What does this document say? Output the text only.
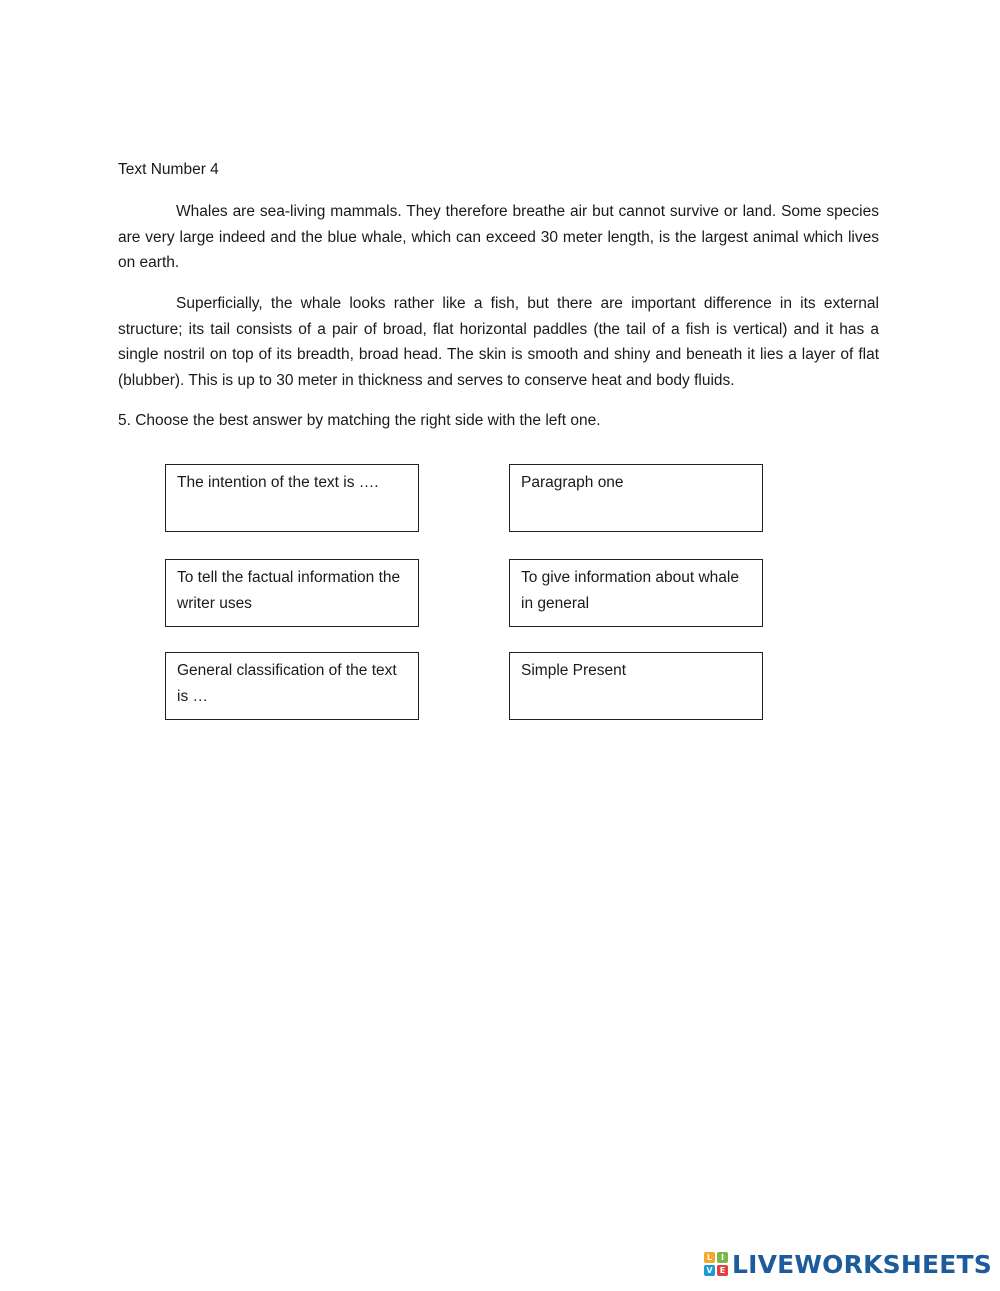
Text Number 4
Whales are sea-living mammals. They therefore breathe air but cannot survive or land. Some species are very large indeed and the blue whale, which can exceed 30 meter length, is the largest animal which lives on earth.
Superficially, the whale looks rather like a fish, but there are important difference in its external structure; its tail consists of a pair of broad, flat horizontal paddles (the tail of a fish is vertical) and it has a single nostril on top of its breadth, broad head. The skin is smooth and shiny and beneath it lies a layer of flat (blubber). This is up to 30 meter in thickness and serves to conserve heat and body fluids.
5. Choose the best answer by matching the right side with the left one.
The intention of the text is ….
To tell the factual information the writer uses
General classification of the text is …
Paragraph one
To give information about whale in general
Simple Present
L	I
V E LIVEWORKSHEETS
